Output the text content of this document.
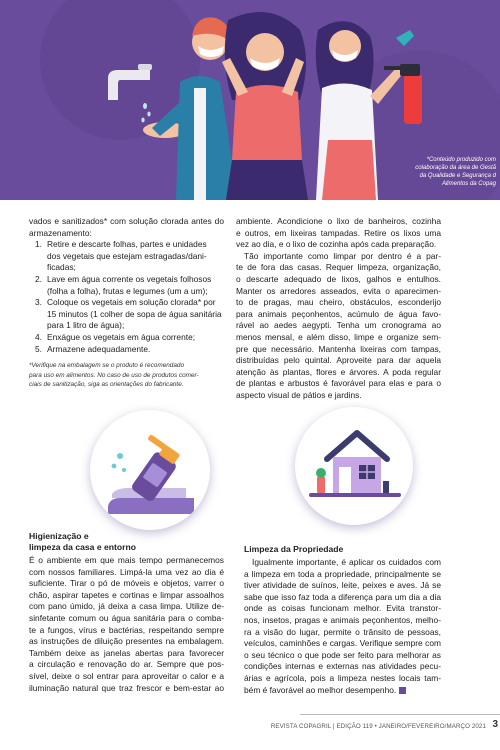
*Conteúdo produzido com
colaboração da área de Gestã
da Qualidade e Segurança d
Alimentos da Copag
vados e sanitizados* com solução clorada antes do
armazenamento:
1. Retire e descarte folhas, partes e unidades
dos vegetais que estejam estragadas/dani-
ficadas;
2. Lave em água corrente os vegetais folhosos
(folha a folha), frutas e legumes (um a um);
3. Coloque os vegetais em solução clorada* por
15 minutos (1 colher de sopa de água sanitária
para 1 litro de água);
4. Enxágue os vegetais em água corrente;
5. Armazene adequadamente.
*Verifique na embalagem se o produto é recomendado
para uso em alimentos. No caso de uso de produtos comer-
ciais de sanitização, siga as orientações do fabricante.
ambiente. Acondicione o lixo de banheiros, cozinha
e outros, em lixeiras tampadas. Retire os lixos uma
vez ao dia, e o lixo de cozinha após cada preparação.
Tão importante como limpar por dentro é a par-
te de fora das casas. Requer limpeza, organização,
o descarte adequado de lixos, galhos e entulhos.
Manter os arredores asseados, evita o aparecimen-
to de pragas, mau cheiro, obstáculos, esconderijo
para animais peçonhentos, acúmulo de água favo-
rável ao aedes aegypti. Tenha um cronograma ao
menos mensal, e além disso, limpe e organize sem-
pre que necessário. Mantenha lixeiras com tampas,
distribuídas pelo quintal. Aproveite para dar aquela
atenção às plantas, flores e árvores. A poda regular
de plantas e arbustos é favorável para elas e para o
aspecto visual de pátios e jardins.
Higienização e
limpeza da casa e entorno
É o ambiente em que mais tempo permanecemos
com nossos familiares. Limpá-la uma vez ao dia é
suficiente. Tirar o pó de móveis e objetos, varrer o
chão, aspirar tapetes e cortinas e limpar assoalhos
com pano úmido, já deixa a casa limpa. Utilize de-
sinfetante comum ou água sanitária para o comba-
te a fungos, vírus e bactérias, respeitando sempre
as instruções de diluição presentes na embalagem.
Também deixe as janelas abertas para favorecer
a circulação e renovação do ar. Sempre que pos-
sível, deixe o sol entrar para aproveitar o calor e a
iluminação natural que traz frescor e bem-estar ao
Limpeza da Propriedade
Igualmente importante, é aplicar os cuidados com
a limpeza em toda a propriedade, principalmente se
tiver atividade de suínos, leite, peixes e aves. Já se
sabe que isso faz toda a diferença para um dia a dia
onde as coisas funcionam melhor. Evita transtor-
nos, insetos, pragas e animais peçonhentos, melho-
ra a visão do lugar, permite o trânsito de pessoas,
veículos, caminhões e cargas. Verifique sempre com
o seu técnico o que pode ser feito para melhorar as
condições internas e externas nas atividades pecu-
árias e agrícola, pois a limpeza nestes locais tam-
bém é favorável ao melhor desempenho.
REVISTA COPAGRIL | EDIÇÃO 119 • JANEIRO/FEVEREIRO/MARÇO 2021 3
